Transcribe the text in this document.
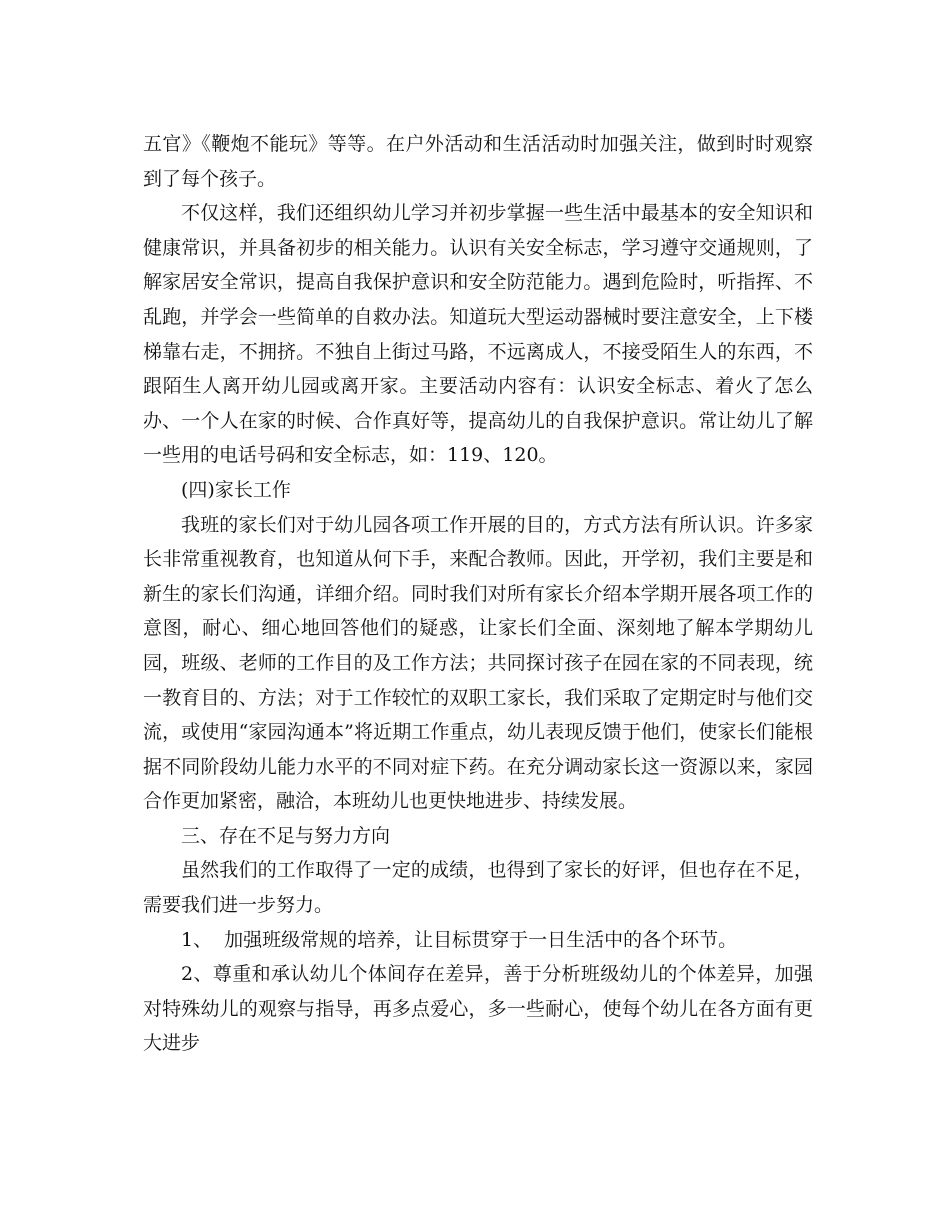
五官》《鞭炮不能玩》等等。在户外活动和生活活动时加强关注，做到时时观察到了每个孩子。

不仅这样，我们还组织幼儿学习并初步掌握一些生活中最基本的安全知识和健康常识，并具备初步的相关能力。认识有关安全标志，学习遵守交通规则，了解家居安全常识，提高自我保护意识和安全防范能力。遇到危险时，听指挥、不乱跑，并学会一些简单的自救办法。知道玩大型运动器械时要注意安全，上下楼梯靠右走，不拥挤。不独自上街过马路，不远离成人，不接受陌生人的东西，不跟陌生人离开幼儿园或离开家。主要活动内容有：认识安全标志、着火了怎么办、一个人在家的时候、合作真好等，提高幼儿的自我保护意识。常让幼儿了解一些用的电话号码和安全标志，如：119、120。

(四)家长工作

我班的家长们对于幼儿园各项工作开展的目的，方式方法有所认识。许多家长非常重视教育，也知道从何下手，来配合教师。因此，开学初，我们主要是和新生的家长们沟通，详细介绍。同时我们对所有家长介绍本学期开展各项工作的意图，耐心、细心地回答他们的疑惑，让家长们全面、深刻地了解本学期幼儿园，班级、老师的工作目的及工作方法；共同探讨孩子在园在家的不同表现，统一教育目的、方法；对于工作较忙的双职工家长，我们采取了定期定时与他们交流，或使用“家园沟通本”将近期工作重点，幼儿表现反馈于他们，使家长们能根据不同阶段幼儿能力水平的不同对症下药。在充分调动家长这一资源以来，家园合作更加紧密，融洽，本班幼儿也更快地进步、持续发展。

三、存在不足与努力方向

虽然我们的工作取得了一定的成绩，也得到了家长的好评，但也存在不足，需要我们进一步努力。

1、  加强班级常规的培养，让目标贯穿于一日生活中的各个环节。

2、尊重和承认幼儿个体间存在差异，善于分析班级幼儿的个体差异，加强对特殊幼儿的观察与指导，再多点爱心，多一些耐心，使每个幼儿在各方面有更大进步
